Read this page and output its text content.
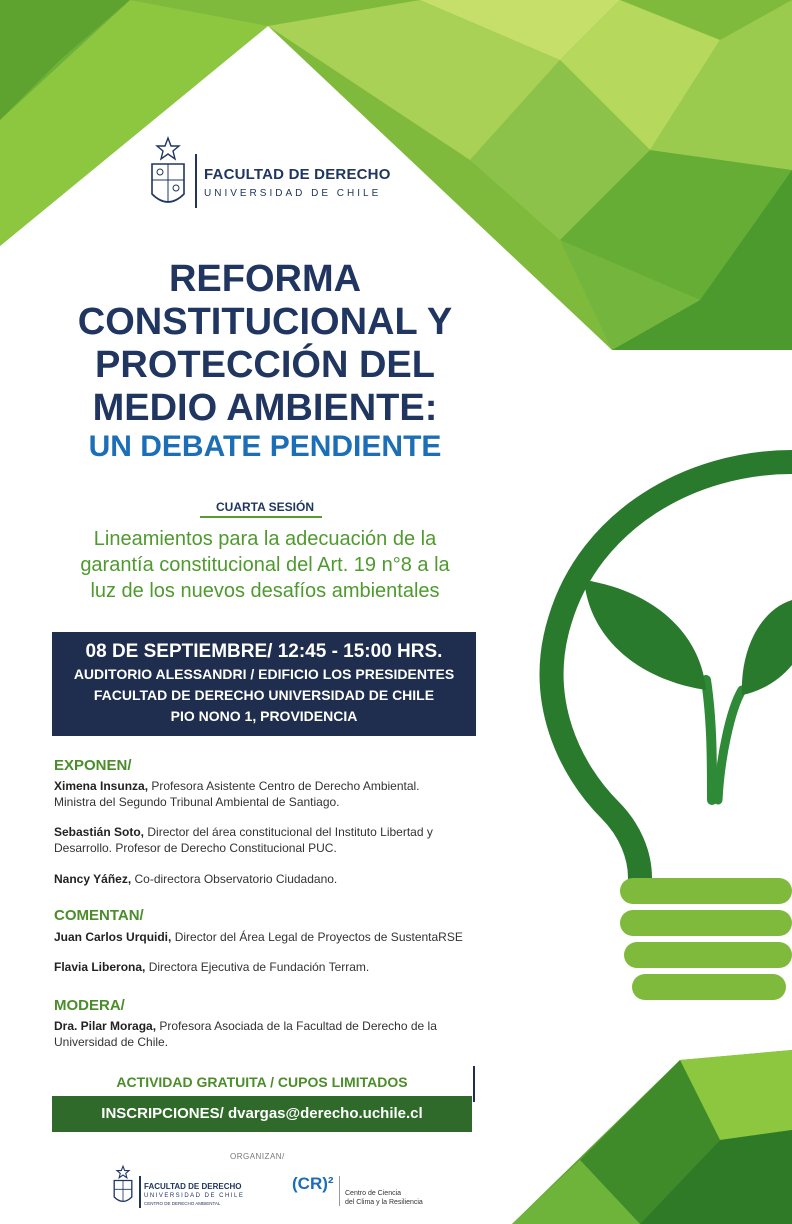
FACULTAD DE DERECHO
UNIVERSIDAD DE CHILE
REFORMA
CONSTITUCIONAL Y
PROTECCIÓN DEL
MEDIO AMBIENTE:
UN DEBATE PENDIENTE
CUARTA SESIÓN
Lineamientos para la adecuación de la
garantía constitucional del Art. 19 n°8 a la
luz de los nuevos desafíos ambientales
08 DE SEPTIEMBRE/ 12:45 - 15:00 HRS.
AUDITORIO ALESSANDRI / EDIFICIO LOS PRESIDENTES
FACULTAD DE DERECHO UNIVERSIDAD DE CHILE
PIO NONO 1, PROVIDENCIA
EXPONEN/
Ximena Insunza, Profesora Asistente Centro de Derecho Ambiental.
Ministra del Segundo Tribunal Ambiental de Santiago.
Sebastián Soto, Director del área constitucional del Instituto Libertad y
Desarrollo. Profesor de Derecho Constitucional PUC.
Nancy Yáñez, Co-directora Observatorio Ciudadano.
COMENTAN/
Juan Carlos Urquidi, Director del Área Legal de Proyectos de SustentaRSE
Flavia Liberona, Directora Ejecutiva de Fundación Terram.
MODERA/
Dra. Pilar Moraga, Profesora Asociada de la Facultad de Derecho de la
Universidad de Chile.
ACTIVIDAD GRATUITA / CUPOS LIMITADOS
INSCRIPCIONES/ dvargas@derecho.uchile.cl
ORGANIZAN/
FACULTAD DE DERECHO
UNIVERSIDAD DE CHILE
CENTRO DE DERECHO AMBIENTAL
(CR)²
Centro de Ciencia
del Clima y la Resiliencia
